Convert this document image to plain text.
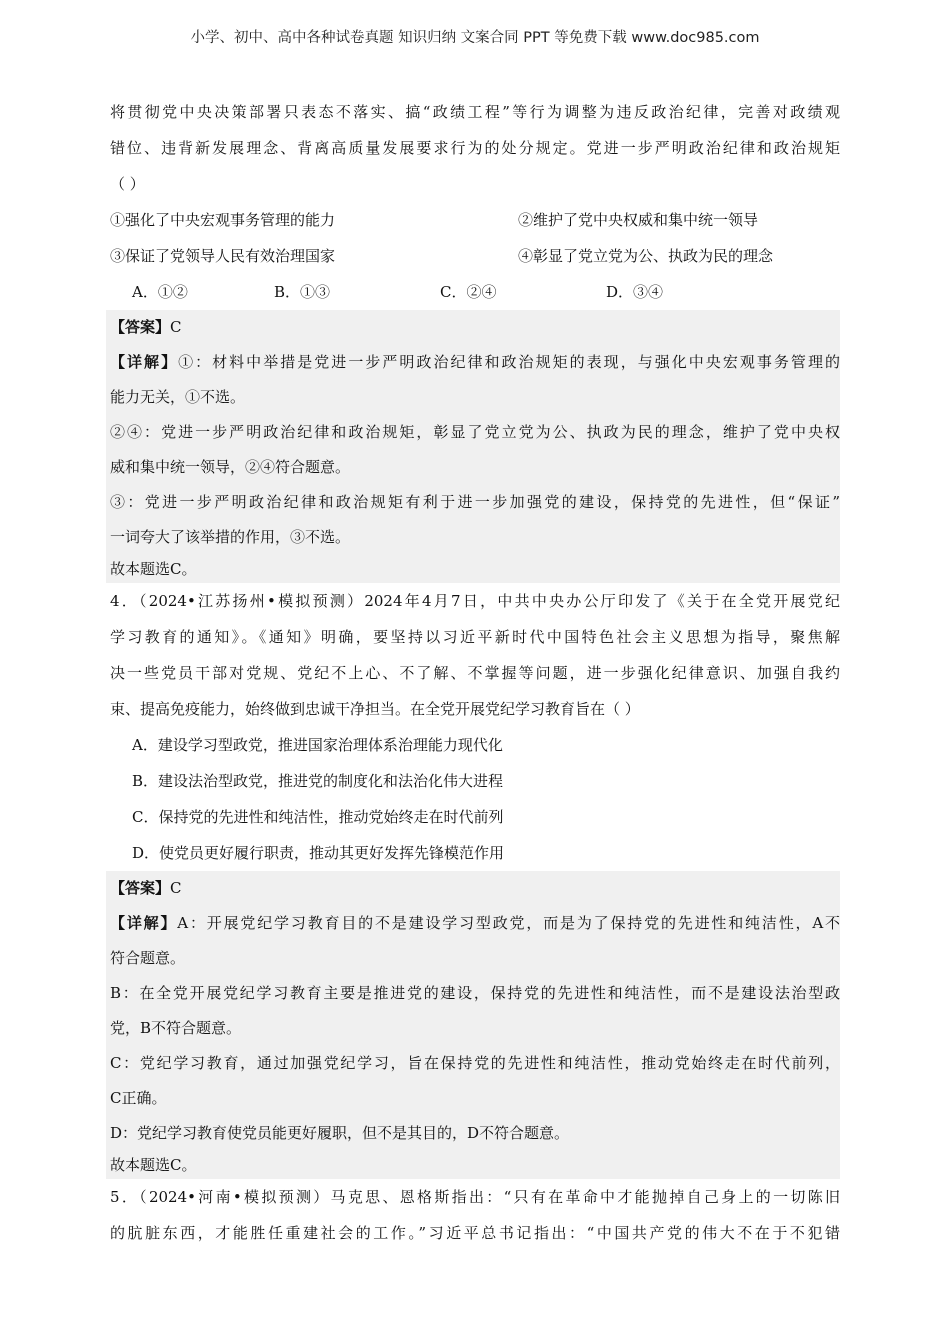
小学、初中、高中各种试卷真题 知识归纳 文案合同 PPT 等免费下载 www.doc985.com
将贯彻党中央决策部署只表态不落实、搞“政绩工程”等行为调整为违反政治纪律，完善对政绩观
错位、违背新发展理念、背离高质量发展要求行为的处分规定。党进一步严明政治纪律和政治规矩
（ ）
①强化了中央宏观事务管理的能力	②维护了党中央权威和集中统一领导
③保证了党领导人民有效治理国家	④彰显了党立党为公、执政为民的理念
A．①②	B．①③	C．②④	D．③④
【答案】C
【详解】①：材料中举措是党进一步严明政治纪律和政治规矩的表现，与强化中央宏观事务管理的
能力无关，①不选。
②④：党进一步严明政治纪律和政治规矩，彰显了党立党为公、执政为民的理念，维护了党中央权
威和集中统一领导，②④符合题意。
③：党进一步严明政治纪律和政治规矩有利于进一步加强党的建设，保持党的先进性，但“保证”
一词夸大了该举措的作用，③不选。
故本题选C。
4．（2024•江苏扬州•模拟预测）2024年4月7日，中共中央办公厅印发了《关于在全党开展党纪
学习教育的通知》。《通知》明确，要坚持以习近平新时代中国特色社会主义思想为指导，聚焦解
决一些党员干部对党规、党纪不上心、不了解、不掌握等问题，进一步强化纪律意识、加强自我约
束、提高免疫能力，始终做到忠诚干净担当。在全党开展党纪学习教育旨在（ ）
A．建设学习型政党，推进国家治理体系治理能力现代化
B．建设法治型政党，推进党的制度化和法治化伟大进程
C．保持党的先进性和纯洁性，推动党始终走在时代前列
D．使党员更好履行职责，推动其更好发挥先锋模范作用
【答案】C
【详解】A：开展党纪学习教育目的不是建设学习型政党，而是为了保持党的先进性和纯洁性，A不
符合题意。
B：在全党开展党纪学习教育主要是推进党的建设，保持党的先进性和纯洁性，而不是建设法治型政
党，B不符合题意。
C：党纪学习教育，通过加强党纪学习，旨在保持党的先进性和纯洁性，推动党始终走在时代前列，
C正确。
D：党纪学习教育使党员能更好履职，但不是其目的，D不符合题意。
故本题选C。
5．（2024•河南•模拟预测）马克思、恩格斯指出：“只有在革命中才能抛掉自己身上的一切陈旧
的肮脏东西，才能胜任重建社会的工作。”习近平总书记指出：“中国共产党的伟大不在于不犯错
